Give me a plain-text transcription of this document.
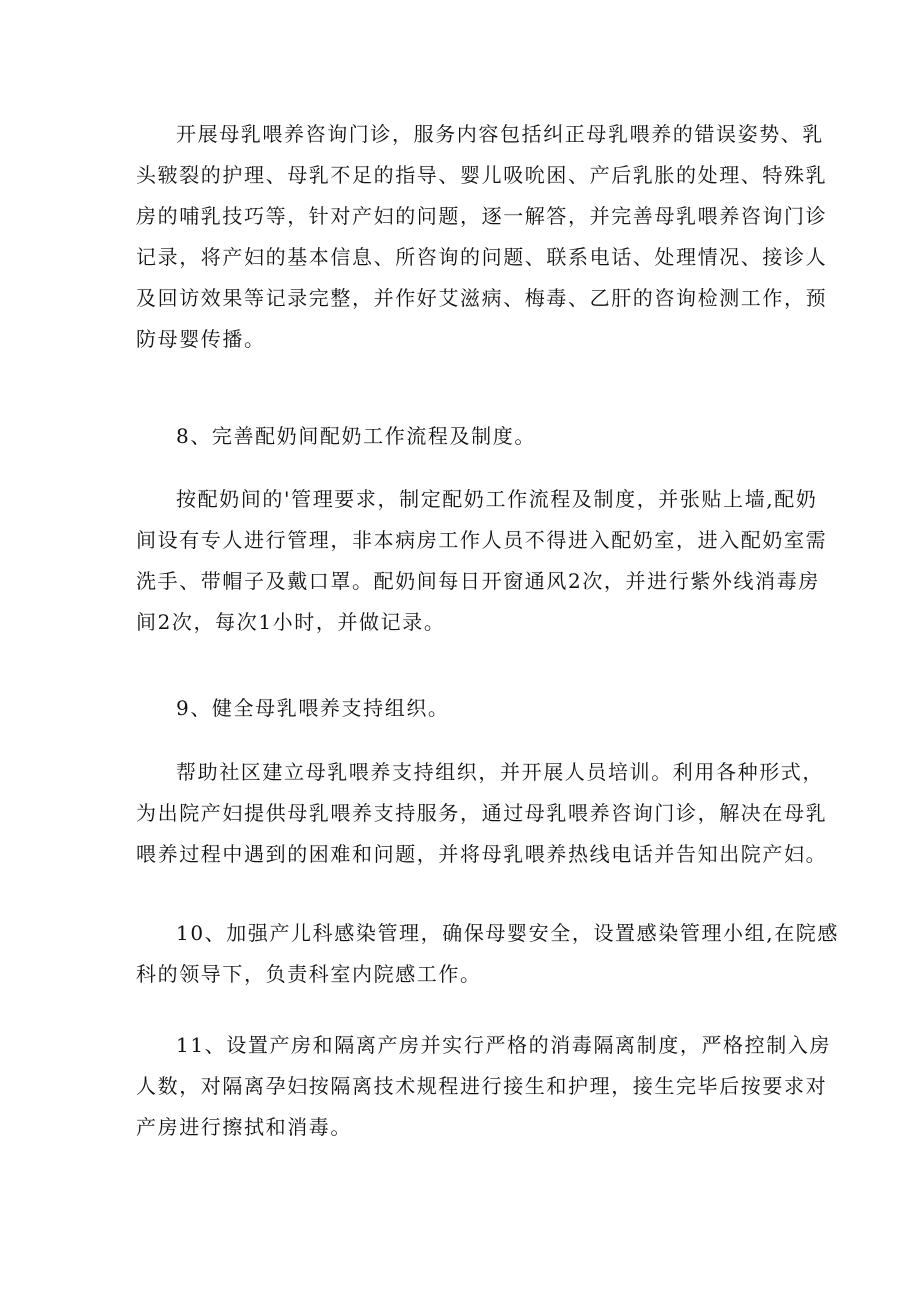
开展母乳喂养咨询门诊，服务内容包括纠正母乳喂养的错误姿势、乳
头皲裂的护理、母乳不足的指导、婴儿吸吮困、产后乳胀的处理、特殊乳
房的哺乳技巧等，针对产妇的问题，逐一解答，并完善母乳喂养咨询门诊
记录，将产妇的基本信息、所咨询的问题、联系电话、处理情况、接诊人
及回访效果等记录完整，并作好艾滋病、梅毒、乙肝的咨询检测工作，预
防母婴传播。
8、完善配奶间配奶工作流程及制度。
按配奶间的'管理要求，制定配奶工作流程及制度，并张贴上墙,配奶
间设有专人进行管理，非本病房工作人员不得进入配奶室，进入配奶室需
洗手、带帽子及戴口罩。配奶间每日开窗通风2次，并进行紫外线消毒房
间2次，每次1小时，并做记录。
9、健全母乳喂养支持组织。
帮助社区建立母乳喂养支持组织，并开展人员培训。利用各种形式，
为出院产妇提供母乳喂养支持服务，通过母乳喂养咨询门诊，解决在母乳
喂养过程中遇到的困难和问题，并将母乳喂养热线电话并告知出院产妇。
10、加强产儿科感染管理，确保母婴安全，设置感染管理小组,在院感
科的领导下，负责科室内院感工作。
11、设置产房和隔离产房并实行严格的消毒隔离制度，严格控制入房
人数，对隔离孕妇按隔离技术规程进行接生和护理，接生完毕后按要求对
产房进行擦拭和消毒。
